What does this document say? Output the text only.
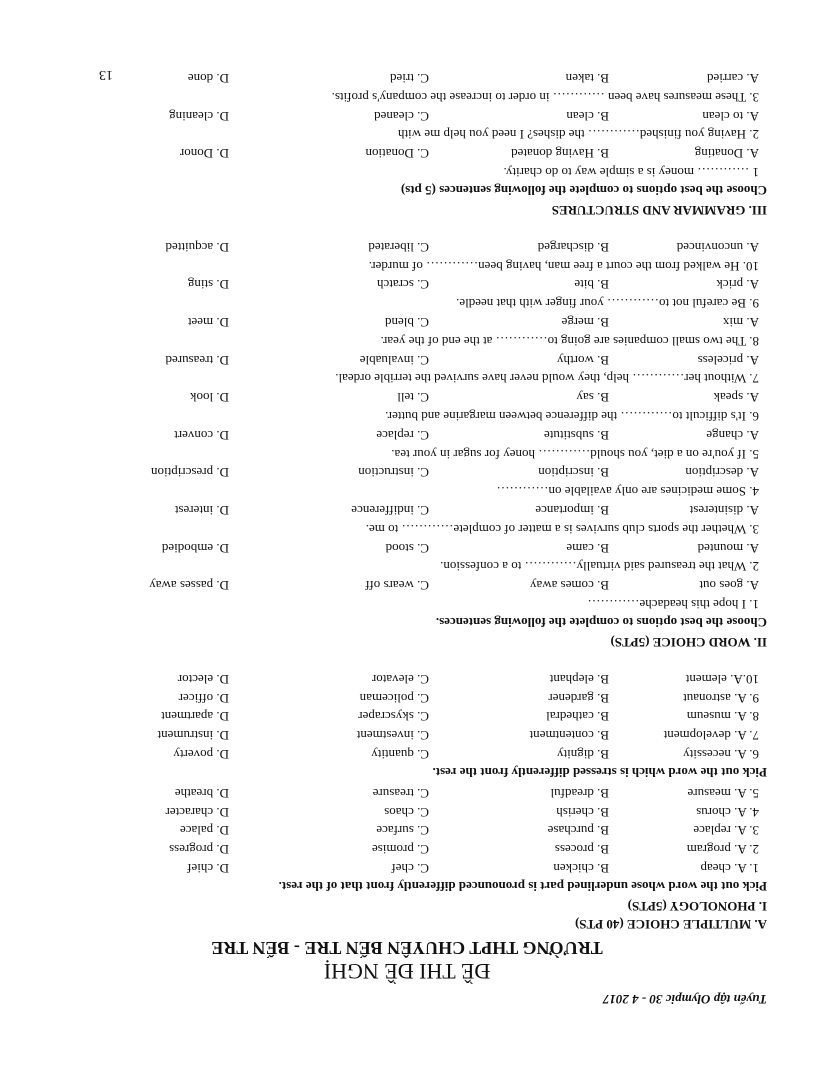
Tuyển tập Olympic 30 - 4 2017
ĐỀ THI ĐỀ NGHỊ
TRƯỜNG THPT CHUYÊN BẾN TRE - BẾN TRE
A. MULTIPLE CHOICE (40 PTS)
I. PHONOLOGY (5PTS)
Pick out the word whose underlined part is pronounced differently front that of the rest.
1. A. cheap
B. chicken
C. chef
D. chief
2. A. program
B. process
C. promise
D. progress
3. A. replace
B. purchase
C. surface
D. palace
4. A. chorus
B. cherish
C. chaos
D. character
5. A. measure
B. dreadful
C. treasure
D. breathe
Pick out the word which is stressed differently front the rest.
6. A. necessity
B. dignity
C. quantity
D. poverty
7. A. development
B. contentment
C. investment
D. instrument
8. A. museum
B. cathedral
C. skyscraper
D. apartment
9. A. astronaut
B. gardener
C. policeman
D. officer
10.A. element
B. elephant
C. elevator
D. elector
II. WORD CHOICE (5PTS)
Choose the best options to complete the following sentences.
1. I hope this headache…………
A. goes out
B. comes away
C. wears off
D. passes away
2. What the treasured said virtually………… to a confession.
A. mounted
B. came
C. stood
D. embodied
3. Whether the sports club survives is a matter of complete………… to me.
A. disinterest
B. importance
C. indifference
D. interest
4. Some medicines are only available on…………
A. description
B. inscription
C. instruction
D. prescription
5. If you're on a diet, you should………… honey for sugar in your tea.
A. change
B. substitute
C. replace
D. convert
6. It's difficult to………… the difference between margarine and butter.
A. speak
B. say
C. tell
D. look
7. Without her………… help, they would never have survived the terrible ordeal.
A. priceless
B. worthy
C. invaluable
D. treasured
8. The two small companies are going to………… at the end of the year.
A. mix
B. merge
C. blend
D. meet
9. Be careful not to………… your finger with that needle.
A. prick
B. bite
C. scratch
D. sting
10. He walked from the court a free man, having been………… of murder.
A. unconvinced
B. discharged
C. liberated
D. acquitted
III. GRAMMAR AND STRUCTURES
Choose the best options to complete the following sentences (5 pts)
1 ………… money is a simple way to do charity.
A. Donating
B. Having donated
C. Donation
D. Donor
2. Having you finished………… the dishes? I need you help me with
A. to clean
B. clean
C. cleaned
D. cleaning
3. These measures have been ………… in order to increase the company's profits.
A. carried
B. taken
C. tried
D. done
13
